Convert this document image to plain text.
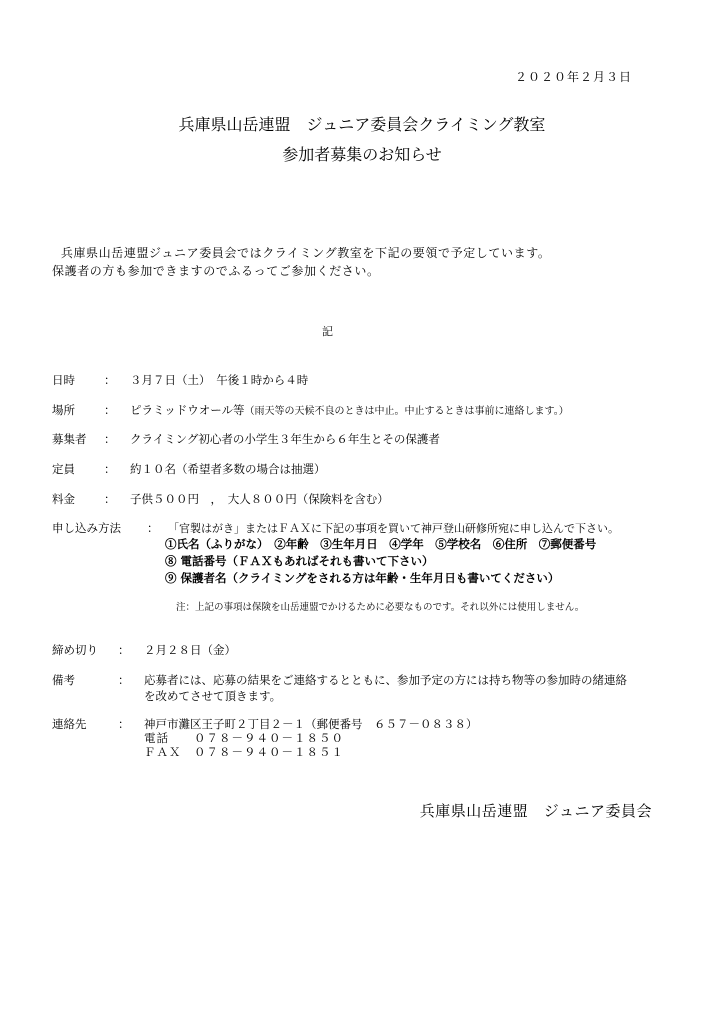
２０２０年２月３日
兵庫県山岳連盟　ジュニア委員会クライミング教室
参加者募集のお知らせ

兵庫県山岳連盟ジュニア委員会ではクライミング教室を下記の要領で予定しています。

保護者の方も参加できますのでふるってご参加ください。

記
日時	： ３月７日（土）　午後１時から４時
場所	： ピラミッドウオール等（雨天等の天候不良のときは中止。中止するときは事前に連絡します。）
募集者 ： クライミング初心者の小学生３年生から６年生とその保護者
定員	： 約１０名（希望者多数の場合は抽選）
料金	： 子供５００円　，　大人８００円（保険料を含む）
申し込み方法 ： 「官製はがき」またはＦＡＸに下記の事項を買いて神戸登山研修所宛に申し込んで下さい。
①氏名（ふりがな）　②年齢　③生年月日　④学年　⑤学校名　⑥住所　⑦郵便番号
⑧ 電話番号（ＦＡＸもあればそれも書いて下さい）
⑨ 保護者名（クライミングをされる方は年齢・生年月日も書いてください）
注：上記の事項は保険を山岳連盟でかけるために必要なものです。それ以外には使用しません。
締め切り ： ２月２８日（金）
備考	： 応募者には、応募の結果をご連絡するとともに、参加予定の方には持ち物等の参加時の緒連絡
を改めてさせて頂きます。
連絡先	： 神戸市灘区王子町２丁目２－１（郵便番号　６５７－０８３８）
電話　　０７８－９４０－１８５０
ＦＡＸ　０７８－９４０－１８５１
兵庫県山岳連盟　ジュニア委員会
